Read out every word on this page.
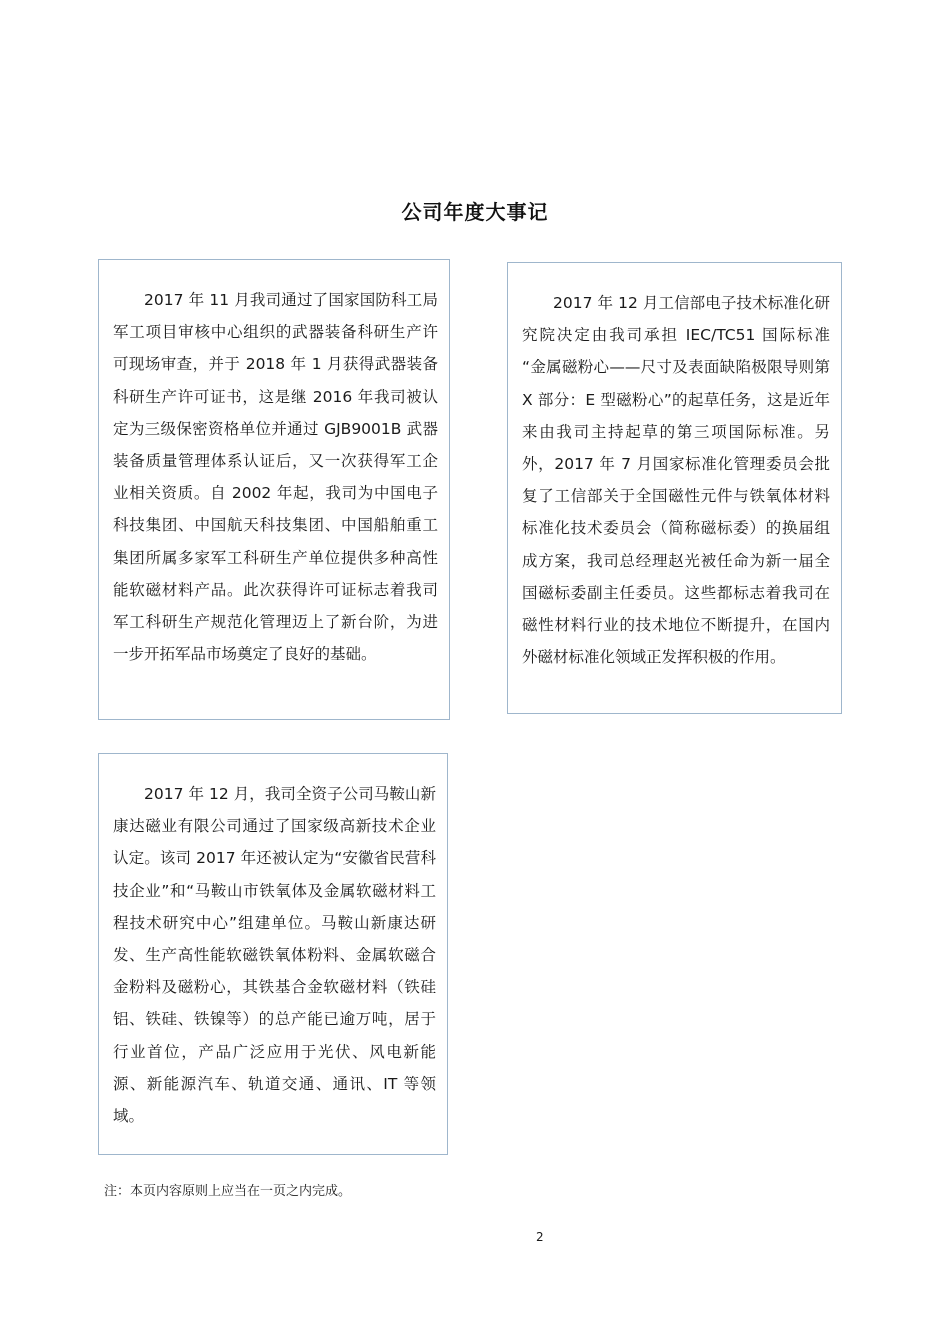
公司年度大事记

2017 年 11 月我司通过了国家国防科工局军工项目审核中心组织的武器装备科研生产许可现场审查，并于 2018 年 1 月获得武器装备科研生产许可证书，这是继 2016 年我司被认定为三级保密资格单位并通过 GJB9001B 武器装备质量管理体系认证后，又一次获得军工企业相关资质。自 2002 年起，我司为中国电子科技集团、中国航天科技集团、中国船舶重工集团所属多家军工科研生产单位提供多种高性能软磁材料产品。此次获得许可证标志着我司军工科研生产规范化管理迈上了新台阶，为进一步开拓军品市场奠定了良好的基础。

2017 年 12 月工信部电子技术标准化研究院决定由我司承担 IEC/TC51 国际标准 “金属磁粉心——尺寸及表面缺陷极限导则第 X 部分：E 型磁粉心”的起草任务，这是近年来由我司主持起草的第三项国际标准。另外，2017 年 7 月国家标准化管理委员会批复了工信部关于全国磁性元件与铁氧体材料标准化技术委员会（简称磁标委）的换届组成方案，我司总经理赵光被任命为新一届全国磁标委副主任委员。这些都标志着我司在磁性材料行业的技术地位不断提升，在国内外磁材标准化领域正发挥积极的作用。

2017 年 12 月，我司全资子公司马鞍山新康达磁业有限公司通过了国家级高新技术企业认定。该司 2017 年还被认定为“安徽省民营科技企业”和“马鞍山市铁氧体及金属软磁材料工程技术研究中心”组建单位。马鞍山新康达研发、生产高性能软磁铁氧体粉料、金属软磁合金粉料及磁粉心，其铁基合金软磁材料（铁硅铝、铁硅、铁镍等）的总产能已逾万吨，居于行业首位，产品广泛应用于光伏、风电新能源、新能源汽车、轨道交通、通讯、IT 等领域。

注：本页内容原则上应当在一页之内完成。
2
